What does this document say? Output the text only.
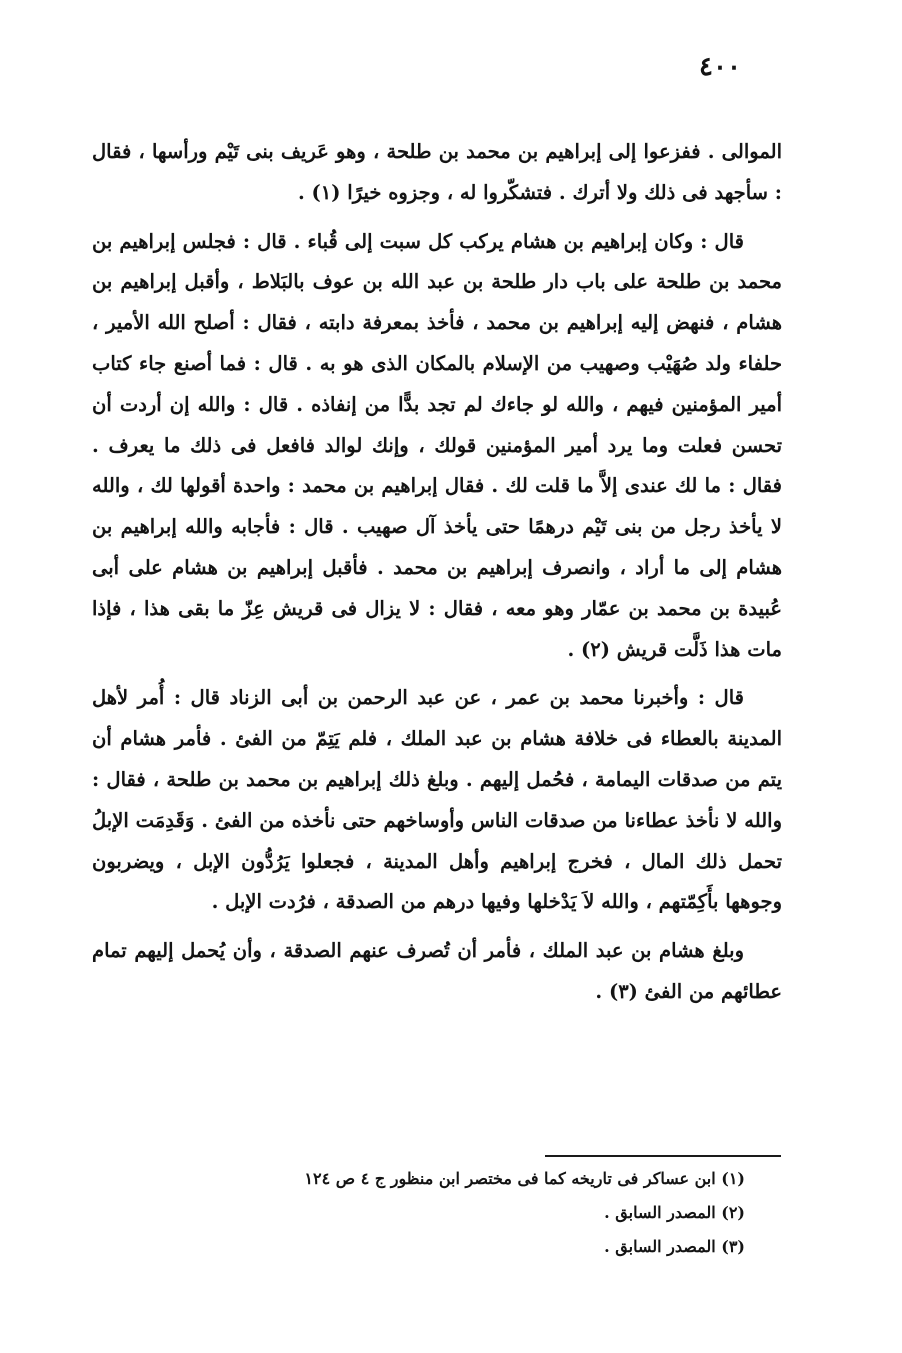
٤٠٠

الموالى . ففزعوا إلى إبراهيم بن محمد بن طلحة ، وهو عَريف بنى تَيْم ورأسها ، فقال : سأجهد فى ذلك ولا أترك . فتشكّروا له ، وجزوه خيرًا (١) .

قال : وكان إبراهيم بن هشام يركب كل سبت إلى قُباء . قال : فجلس إبراهيم بن محمد بن طلحة على باب دار طلحة بن عبد الله بن عوف بالبَلاط ، وأقبل إبراهيم بن هشام ، فنهض إليه إبراهيم بن محمد ، فأخذ بمعرفة دابته ، فقال : أصلح الله الأمير ، حلفاء ولد صُهَيْب وصهيب من الإسلام بالمكان الذى هو به . قال : فما أصنع جاء كتاب أمير المؤمنين فيهم ، والله لو جاءك لم تجد بدًّا من إنفاذه . قال : والله إن أردت أن تحسن فعلت وما يرد أمير المؤمنين قولك ، وإنك لوالد فافعل فى ذلك ما يعرف . فقال : ما لك عندى إلاَّ ما قلت لك . فقال إبراهيم بن محمد : واحدة أقولها لك ، والله لا يأخذ رجل من بنى تَيْم درهمًا حتى يأخذ آل صهيب . قال : فأجابه والله إبراهيم بن هشام إلى ما أراد ، وانصرف إبراهيم بن محمد . فأقبل إبراهيم بن هشام على أبى عُبيدة بن محمد بن عمّار وهو معه ، فقال : لا يزال فى قريش عِزّ ما بقى هذا ، فإذا مات هذا ذَلَّت قريش (٢) .

قال : وأخبرنا محمد بن عمر ، عن عبد الرحمن بن أبى الزناد قال : أُمر لأهل المدينة بالعطاء فى خلافة هشام بن عبد الملك ، فلم يَتِمّ من الفئ . فأمر هشام أن يتم من صدقات اليمامة ، فحُمل إليهم . وبلغ ذلك إبراهيم بن محمد بن طلحة ، فقال : والله لا نأخذ عطاءنا من صدقات الناس وأوساخهم حتى نأخذه من الفئ . وَقَدِمَت الإبلُ تحمل ذلك المال ، فخرج إبراهيم وأهل المدينة ، فجعلوا يَرُدُّون الإبل ، ويضربون وجوهها بأَكِمّتهم ، والله لاَ يَدْخلها وفيها درهم من الصدقة ، فرُدت الإبل .

وبلغ هشام بن عبد الملك ، فأمر أن تُصرف عنهم الصدقة ، وأن يُحمل إليهم تمام عطائهم من الفئ (٣) .

(١) ابن عساكر فى تاريخه كما فى مختصر ابن منظور ج ٤ ص ١٢٤
(٢) المصدر السابق .
(٣) المصدر السابق .
